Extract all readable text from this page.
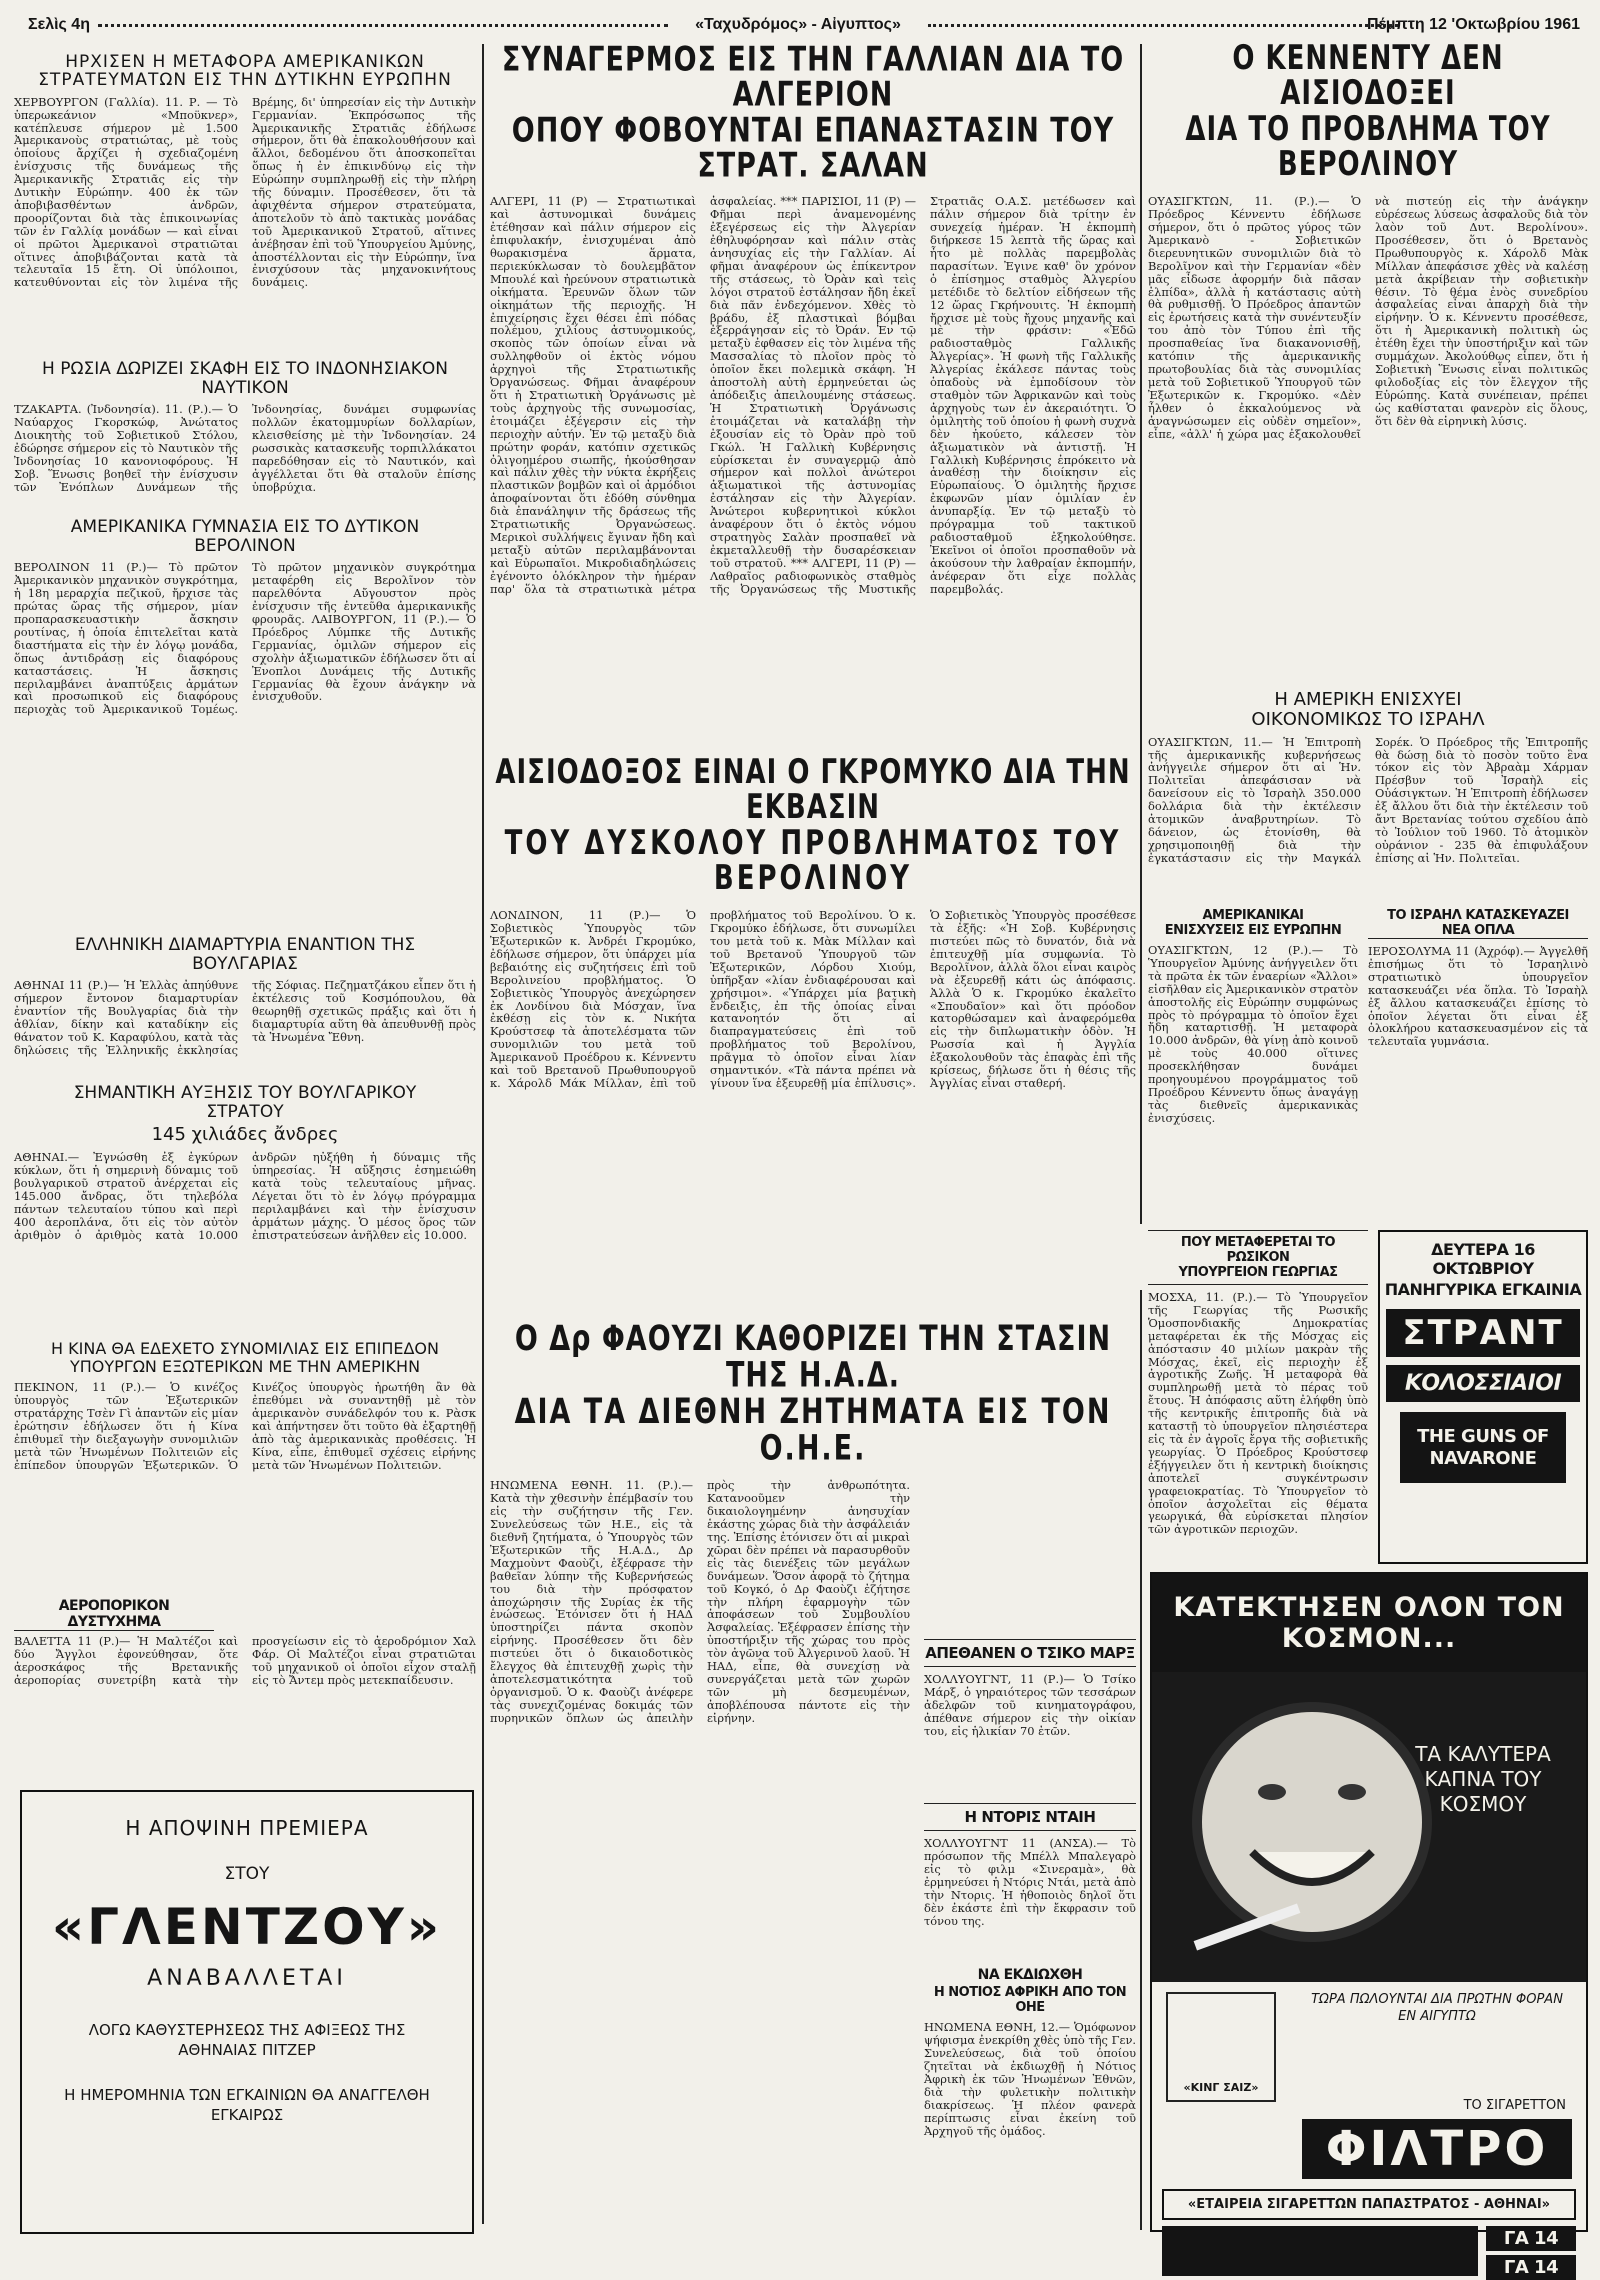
Σελὶς 4η	«Ταχυδρόμος» - Αἰγυπτος»	Πέμπτη 12 'Οκτωβρίου 1961
ΗΡΧΙΣΕΝ Η ΜΕΤΑΦΟΡΑ ΑΜΕΡΙΚΑΝΙΚΩΝ ΣΤΡΑΤΕΥΜΑΤΩΝ ΕΙΣ ΤΗΝ ΔΥΤΙΚΗΝ ΕΥΡΩΠΗΝ
ΧΕΡΒΟΥΡΓΟΝ (Γαλλία). 11. Ρ. — Τὸ ὑπερωκεάνιον «Μποϋκνερ», κατέπλευσε σήμερον μὲ 1.500 Ἀμερικανοὺς στρατιώτας, μὲ τοὺς ὁποίους ἄρχίζει ἡ σχεδιαζομένη ἐνίσχυσις τῆς δυνάμεως τῆς Ἀμερικανικῆς Στρατιᾶς εἰς τὴν Δυτικὴν Εὐρώπην. 400 ἐκ τῶν ἀποβιβασθέντων ἀνδρῶν, προορίζονται διὰ τὰς ἐπικοινωνίας τῶν ἐν Γαλλίᾳ μονάδων — καὶ εἶναι οἱ πρῶτοι Ἀμερικανοὶ στρατιῶται οἵτινες ἀποβιβάζονται κατὰ τὰ τελευταῖα 15 ἔτη. Οἱ ὑπόλοιποι, κατευθύνονται εἰς τὸν λιμένα τῆς Βρέμης, δι' ὑπηρεσίαν εἰς τὴν Δυτικὴν Γερμανίαν. Ἐκπρόσωπος τῆς Ἀμερικανικῆς Στρατιᾶς ἐδήλωσε σήμερον, ὅτι θὰ ἐπακολουθήσουν καὶ ἄλλοι, δεδομένου ὅτι ἀποσκοπεῖται ὅπως ἡ ἐν ἐπικινδύνῳ εἰς τὴν Εὐρώπην συμπληρωθῇ εἰς τὴν πλήρη τῆς δύναμιν. Προσέθεσεν, ὅτι τὰ ἀφιχθέντα σήμερον στρατεύματα, ἀποτελοῦν τὸ ἀπὸ τακτικὰς μονάδας τοῦ Ἀμερικανικοῦ Στρατοῦ, αἵτινες ἀνέβησαν ἐπὶ τοῦ Ὑπουργείου Ἀμύνης, ἀποστέλλονται εἰς τὴν Εὐρώπην, ἵνα ἐνισχύσουν τὰς μηχανοκινήτους δυνάμεις.
Η ΡΩΣΙΑ ΔΩΡΙΖΕΙ ΣΚΑΦΗ ΕΙΣ ΤΟ ΙΝΔΟΝΗΣΙΑΚΟΝ ΝΑΥΤΙΚΟΝ
ΤΖΑΚΑΡΤΑ. (Ἰνδονησία). 11. (Ρ.).— Ὁ Ναύαρχος Γκορσκώφ, Ἀνώτατος Διοικητὴς τοῦ Σοβιετικοῦ Στόλου, ἐδώρησε σήμερον εἰς τὸ Ναυτικὸν τῆς Ἰνδονησίας 10 κανονιοφόρους. Ἡ Σοβ. Ἕνωσις βοηθεῖ τὴν ἐνίσχυσιν τῶν Ἐνόπλων Δυνάμεων τῆς Ἰνδονησίας, δυνάμει συμφωνίας πολλῶν ἑκατομμυρίων δολλαρίων, κλεισθείσης μὲ τὴν Ἰνδονησίαν. 24 ρωσσικὰς κατασκευῆς τορπιλλάκατοι παρεδόθησαν εἰς τὸ Ναυτικόν, καὶ ἀγγέλλεται ὅτι θὰ σταλοῦν ἐπίσης ὑποβρύχια.
ΑΜΕΡΙΚΑΝΙΚΑ ΓΥΜΝΑΣΙΑ ΕΙΣ ΤΟ ΔΥΤΙΚΟΝ ΒΕΡΟΛΙΝΟΝ
ΒΕΡΟΛΙΝΟΝ 11 (Ρ.)— Τὸ πρῶτον Ἀμερικανικὸν μηχανικὸν συγκρότημα, ἡ 18η μεραρχία πεζικοῦ, ἤρχισε τὰς πρώτας ὥρας τῆς σήμερον, μίαν προπαρασκευαστικὴν ἄσκησιν ρουτίνας, ἡ ὁποία ἐπιτελεῖται κατὰ διαστήματα εἰς τὴν ἐν λόγῳ μονάδα, ὅπως ἀντιδράσῃ εἰς διαφόρους καταστάσεις. Ἡ ἄσκησις περιλαμβάνει ἀναπτύξεις ἀρμάτων καὶ προσωπικοῦ εἰς διαφόρους περιοχὰς τοῦ Ἀμερικανικοῦ Τομέως. Τὸ πρῶτον μηχανικὸν συγκρότημα μεταφέρθη εἰς Βερολῖνον τὸν παρελθόντα Αὔγουστον πρὸς ἐνίσχυσιν τῆς ἐντεῦθα ἀμερικανικῆς φρουρᾶς. ΛΑΙΒΟΥΡΓΟΝ, 11 (Ρ.).— Ὁ Πρόεδρος Λύμπκε τῆς Δυτικῆς Γερμανίας, ὁμιλῶν σήμερον εἰς σχολὴν ἀξιωματικῶν ἐδήλωσεν ὅτι αἱ Ἐνοπλοι Δυνάμεις τῆς Δυτικῆς Γερμανίας θὰ ἔχουν ἀνάγκην νὰ ἐνισχυθοῦν.
ΕΛΛΗΝΙΚΗ ΔΙΑΜΑΡΤΥΡΙΑ ΕΝΑΝΤΙΟΝ ΤΗΣ ΒΟΥΛΓΑΡΙΑΣ
ΑΘΗΝΑΙ 11 (Ρ.)— Ἡ Ἑλλὰς ἀπηύθυνε σήμερον ἔντονον διαμαρτυρίαν ἐναντίον τῆς Βουλγαρίας διὰ τὴν ἀθλίαν, δίκην καὶ καταδίκην εἰς θάνατον τοῦ Κ. Καραφύλου, κατὰ τὰς δηλώσεις τῆς Ἑλληνικῆς ἐκκλησίας τῆς Σόφιας. Πεζηματζάκου εἶπεν ὅτι ἡ ἐκτέλεσις τοῦ Κοσμόπουλου, θὰ θεωρηθῇ σχετικῶς πράξις καὶ ὅτι ἡ διαμαρτυρία αὕτη θὰ ἀπευθυνθῇ πρὸς τὰ Ἡνωμένα Ἔθνη.
ΣΗΜΑΝΤΙΚΗ ΑΥΞΗΣΙΣ ΤΟΥ ΒΟΥΛΓΑΡΙΚΟΥ ΣΤΡΑΤΟΥ
145 χιλιάδες ἄνδρες
ΑΘΗΝΑΙ.— Ἐγνώσθη ἐξ ἐγκύρων κύκλων, ὅτι ἡ σημερινὴ δύναμις τοῦ βουλγαρικοῦ στρατοῦ ἀνέρχεται εἰς 145.000 ἄνδρας, ὅτι τηλεβόλα πάντων τελευταίου τύπου καὶ περὶ 400 ἀεροπλάνα, ὅτι εἰς τὸν αὐτὸν ἀριθμὸν ὁ ἀριθμὸς κατὰ 10.000 ἀνδρῶν ηὐξήθη ἡ δύναμις τῆς ὑπηρεσίας. Ἡ αὔξησις ἐσημειώθη κατὰ τοὺς τελευταίους μῆνας. Λέγεται ὅτι τὸ ἐν λόγῳ πρόγραμμα περιλαμβάνει καὶ τὴν ἐνίσχυσιν ἀρμάτων μάχης. Ὁ μέσος ὅρος τῶν ἐπιστρατεύσεων ἀνῆλθεν εἰς 10.000.
Η ΚΙΝΑ ΘΑ ΕΔΕΧΕΤΟ ΣΥΝΟΜΙΛΙΑΣ ΕΙΣ ΕΠΙΠΕΔΟΝ ΥΠΟΥΡΓΩΝ ΕΞΩΤΕΡΙΚΩΝ ΜΕ ΤΗΝ ΑΜΕΡΙΚΗΝ
ΠΕΚΙΝΟΝ, 11 (Ρ.).— Ὁ κινέζος ὑπουργὸς τῶν Ἐξωτερικῶν στρατάρχης Τσὲν Γὶ ἀπαντῶν εἰς μίαν ἐρώτησιν ἐδήλωσεν ὅτι ἡ Κίνα ἐπιθυμεῖ τὴν διεξαγωγὴν συνομιλιῶν μετὰ τῶν Ἡνωμένων Πολιτειῶν εἰς ἐπίπεδον ὑπουργῶν Ἐξωτερικῶν. Ὁ Κινέζος ὑπουργὸς ἠρωτήθη ἂν θὰ ἐπεθύμει νὰ συναντηθῇ μὲ τὸν ἀμερικανὸν συνάδελφόν του κ. Ρὰσκ καὶ ἀπήντησεν ὅτι τοῦτο θὰ ἐξαρτηθῇ ἀπὸ τὰς ἀμερικανικὰς προθέσεις. Ἡ Κίνα, εἶπε, ἐπιθυμεῖ σχέσεις εἰρήνης μετὰ τῶν Ἡνωμένων Πολιτειῶν.
ΑΕΡΟΠΟΡΙΚΟΝ ΔΥΣΤΥΧΗΜΑ
ΒΑΛΕΤΤΑ 11 (Ρ.)— Ἡ Μαλτέζοι καὶ δύο Ἄγγλοι ἐφονεύθησαν, ὅτε ἀεροσκάφος τῆς Βρετανικῆς ἀεροπορίας συνετρίβη κατὰ τὴν προσγείωσιν εἰς τὸ ἀεροδρόμιον Χαλ Φάρ. Οἱ Μαλτέζοι εἶναι στρατιῶται τοῦ μηχανικοῦ οἱ ὁποῖοι εἶχον σταλῇ εἰς τὸ Ἄντεμ πρὸς μετεκπαίδευσιν.
Η ΑΠΟΨΙΝΗ ΠΡΕΜΙΕΡΑ
ΣΤΟΥ
«ΓΛΕΝΤΖΟΥ»
ΑΝΑΒΑΛΛΕΤΑΙ
ΛΟΓΩ ΚΑΘΥΣΤΕΡΗΣΕΩΣ ΤΗΣ ΑΦΙΞΕΩΣ ΤΗΣ ΑΘΗΝΑΙΑΣ ΠΙΤΖΕΡ
Η ΗΜΕΡΟΜΗΝΙΑ ΤΩΝ ΕΓΚΑΙΝΙΩΝ ΘΑ ΑΝΑΓΓΕΛΘΗ ΕΓΚΑΙΡΩΣ
ΣΥΝΑΓΕΡΜΟΣ ΕΙΣ ΤΗΝ ΓΑΛΛΙΑΝ ΔΙΑ ΤΟ ΑΛΓΕΡΙΟΝ
ΟΠΟΥ ΦΟΒΟΥΝΤΑΙ ΕΠΑΝΑΣΤΑΣΙΝ ΤΟΥ ΣΤΡΑΤ. ΣΑΛΑΝ
ΑΛΓΕΡΙ, 11 (Ρ) — Στρατιωτικαὶ καὶ ἀστυνομικαὶ δυνάμεις ἐτέθησαν καὶ πάλιν σήμερον εἰς ἐπιφυλακήν, ἐνισχυμέναι ἀπὸ θωρακισμένα ἅρματα, περιεκύκλωσαν τὸ δουλεμβᾶτον Μπουλέ καὶ ἠρεύνουν στρατιωτικὰ οἰκήματα. Ἐρευνῶν ὅλων τῶν οἰκημάτων τῆς περιοχῆς. Ἡ ἐπιχείρησις ἔχει θέσει ἐπὶ πόδας πολέμου, χιλίους ἀστυνομικούς, σκοπὸς τῶν ὁποίων εἶναι νὰ συλληφθοῦν οἱ ἐκτὸς νόμου ἀρχηγοὶ τῆς Στρατιωτικῆς Ὀργανώσεως. Φῆμαι ἀναφέρουν ὅτι ἡ Στρατιωτικὴ Ὀργάνωσις μὲ τοὺς ἀρχηγοὺς τῆς συνωμοσίας, ἑτοιμάζει ἐξέγερσιν εἰς τὴν περιοχὴν αὐτήν. Ἐν τῷ μεταξὺ διὰ πρώτην φοράν, κατόπιν σχετικῶς ὀλιγοημέρου σιωπῆς, ἠκούσθησαν καὶ πάλιν χθὲς τὴν νύκτα ἐκρήξεις πλαστικῶν βομβῶν καὶ οἱ ἀρμόδιοι ἀποφαίνονται ὅτι ἐδόθη σύνθημα διὰ ἐπανάληψιν τῆς δράσεως τῆς Στρατιωτικῆς Ὀργανώσεως. Μερικοὶ συλλήψεις ἔγιναν ἤδη καὶ μεταξὺ αὐτῶν περιλαμβάνονται καὶ Εὐρωπαῖοι. Μικροδιαδηλώσεις ἐγένοντο ὁλόκληρον τὴν ἡμέραν παρ' ὅλα τὰ στρατιωτικὰ μέτρα ἀσφαλείας. *** ΠΑΡΙΣΙΟΙ, 11 (Ρ) — Φῆμαι περὶ ἀναμενομένης ἐξεγέρσεως εἰς τὴν Ἀλγερίαν ἐθηλυφόρησαν καὶ πάλιν στὰς ἀνησυχίας εἰς τὴν Γαλλίαν. Αἱ φῆμαι ἀναφέρουν ὡς ἐπίκεντρον τῆς στάσεως, τὸ Ὀρὰν καὶ τεὶς λόγοι στρατοῦ ἐστάλησαν ἤδη ἐκεῖ διὰ πᾶν ἐνδεχόμενον. Χθὲς τὸ βράδυ, ἐξ πλαστικαὶ βόμβαι ἐξερράγησαν εἰς τὸ Ὀράν. Ἐν τῷ μεταξὺ ἐφθασεν εἰς τὸν λιμένα τῆς Μασσαλίας τὸ πλοῖον πρὸς τὸ ὁποῖον ἔκει πολεμικὰ σκάφη. Ἡ ἀποστολὴ αὐτὴ ἑρμηνεύεται ὡς ἀπόδειξις ἀπειλουμένης στάσεως. Ἡ Στρατιωτικὴ Ὀργάνωσις ἑτοιμάζεται νὰ καταλάβῃ τὴν ἐξουσίαν εἰς τὸ Ὀρὰν πρὸ τοῦ Γκώλ. Ἡ Γαλλικὴ Κυβέρνησις εὑρίσκεται ἐν συναγερμῷ ἀπὸ σήμερον καὶ πολλοὶ ἀνώτεροι ἀξιωματικοὶ τῆς ἀστυνομίας ἐστάλησαν εἰς τὴν Ἀλγερίαν. Ἀνώτεροι κυβερνητικοὶ κύκλοι ἀναφέρουν ὅτι ὁ ἐκτὸς νόμου στρατηγὸς Σαλὰν προσπαθεῖ νὰ ἐκμεταλλευθῇ τὴν δυσαρέσκειαν τοῦ στρατοῦ. *** ΑΛΓΕΡΙ, 11 (Ρ) — Λαθραῖος ραδιοφωνικὸς σταθμὸς τῆς Ὀργανώσεως τῆς Μυστικῆς Στρατιᾶς Ο.Α.Σ. μετέδωσεν καὶ πάλιν σήμερον διὰ τρίτην ἐν συνεχείᾳ ἡμέραν. Ἡ ἐκπομπὴ διήρκεσε 15 λεπτὰ τῆς ὥρας καὶ ἦτο μὲ πολλὰς παρεμβολὰς παρασίτων. Ἐγινε καθ' ὃν χρόνον ὁ ἐπίσημος σταθμὸς Ἀλγερίου μετέδιδε τὸ δελτίον εἰδήσεων τῆς 12 ὥρας Γκρήνουιτς. Ἡ ἐκπομπὴ ἤρχισε μὲ τοὺς ἤχους μηχανῆς καὶ μὲ τὴν φράσιν: «Ἐδῶ ραδιοσταθμὸς Γαλλικῆς Ἀλγερίας». Ἡ φωνὴ τῆς Γαλλικῆς Ἀλγερίας ἐκάλεσε πάντας τοὺς ὁπαδοὺς νὰ ἐμποδίσουν τὸν σταθμὸν τῶν Ἀφρικανῶν καὶ τοὺς ἀρχηγοὺς των ἐν ἀκεραιότητι. Ὁ ὁμιλητὴς τοῦ ὁποίου ἡ φωνὴ συχνὰ δὲν ἠκούετο, κάλεσεν τὸν ἀξιωματικὸν νὰ ἀντιστῇ. Ἡ Γαλλικὴ Κυβέρνησις ἐπρόκειτο νὰ ἀναθέσῃ τὴν διοίκησιν εἰς Εὐρωπαίους. Ὁ ὁμιλητὴς ἤρχισε ἐκφωνῶν μίαν ὁμιλίαν ἐν ἀνυπαρξίᾳ. Ἐν τῷ μεταξὺ τὸ πρόγραμμα τοῦ τακτικοῦ ραδιοσταθμοῦ ἐξηκολούθησε. Ἐκεῖνοι οἱ ὁποῖοι προσπαθοῦν νὰ ἀκούσουν τὴν λαθραίαν ἐκπομπήν, ἀνέφεραν ὅτι εἶχε πολλὰς παρεμβολάς.
ΑΙΣΙΟΔΟΞΟΣ ΕΙΝΑΙ Ο ΓΚΡΟΜΥΚΟ ΔΙΑ ΤΗΝ ΕΚΒΑΣΙΝ
ΤΟΥ ΔΥΣΚΟΛΟΥ ΠΡΟΒΛΗΜΑΤΟΣ ΤΟΥ ΒΕΡΟΛΙΝΟΥ
ΛΟΝΔΙΝΟΝ, 11 (Ρ.)— Ὁ Σοβιετικὸς Ὑπουργὸς τῶν Ἐξωτερικῶν κ. Ἀνδρέι Γκρομύκο, ἐδήλωσε σήμερον, ὅτι ὑπάρχει μία βεβαιότης εἰς συζητήσεις ἐπὶ τοῦ Βερολινείου προβλήματος. Ὁ Σοβιετικὸς Ὑπουργὸς ἀνεχώρησεν ἐκ Λονδίνου διὰ Μόσχαν, ἵνα ἐκθέσῃ εἰς τὸν κ. Νικήτα Κρούστσεφ τὰ ἀποτελέσματα τῶν συνομιλιῶν του μετὰ τοῦ Ἀμερικανοῦ Προέδρου κ. Κέννεντυ καὶ τοῦ Βρετανοῦ Πρωθυπουργοῦ κ. Χάρολδ Μάκ Μίλλαν, ἐπὶ τοῦ προβλήματος τοῦ Βερολίνου. Ὁ κ. Γκρομύκο ἐδήλωσε, ὅτι συνωμίλει του μετὰ τοῦ κ. Μὰκ Μίλλαν καὶ τοῦ Βρετανοῦ Ὑπουργοῦ τῶν Ἐξωτερικῶν, Λόρδου Χιούμ, ὑπῆρξαν «λίαν ἐνδιαφέρουσαι καὶ χρήσιμοι». «Ὑπάρχει μία βατικὴ ἔνδειξις, ἐπ τῆς ὁποίας εἶναι κατανοητόν ὅτι αἱ διαπραγματεύσεις ἐπὶ τοῦ προβλήματος τοῦ Βερολίνου, πρᾶγμα τὸ ὁποῖον εἶναι λίαν σημαντικόν. «Τὰ πάντα πρέπει νὰ γίνουν ἵνα ἐξευρεθῇ μία ἐπίλυσις». Ὁ Σοβιετικὸς Ὑπουργὸς προσέθεσε τὰ ἑξῆς: «Ἡ Σοβ. Κυβέρνησις πιστεύει πῶς τὸ δυνατόν, διὰ νὰ ἐπιτευχθῇ μία συμφωνία. Τὸ Βερολῖνον, ἀλλὰ ὅλοι εἶναι καιρὸς νὰ ἐξευρεθῇ κάτι ὡς ἀπόφασις. Ἀλλὰ Ὁ κ. Γκρομύκο ἐκαλεῖτο «Σπουδαῖον» καὶ ὅτι πρόοδον κατορθώσαμεν καὶ ἀναφερόμεθα εἰς τὴν διπλωματικὴν ὁδὸν. Ἡ Ρωσσία καὶ ἡ Ἀγγλία ἐξακολουθοῦν τὰς ἐπαφὰς ἐπὶ τῆς κρίσεως, δήλωσε ὅτι ἡ θέσις τῆς Ἀγγλίας εἶναι σταθερή.
Ο Δρ ΦΑΟΥΖΙ ΚΑΘΟΡΙΖΕΙ ΤΗΝ ΣΤΑΣΙΝ ΤΗΣ Η.Α.Δ.
ΔΙΑ ΤΑ ΔΙΕΘΝΗ ΖΗΤΗΜΑΤΑ ΕΙΣ ΤΟΝ Ο.Η.Ε.
ΗΝΩΜΕΝΑ ΕΘΝΗ. 11. (Ρ.).— Κατὰ τὴν χθεσινὴν ἐπέμβασίν του εἰς τὴν συζήτησιν τῆς Γεν. Συνελεύσεως τῶν Η.Ε., εἰς τὰ διεθνῆ ζητήματα, ὁ Ὑπουργὸς τῶν Ἐξωτερικῶν τῆς Η.Α.Δ., Δρ Μαχμοὺντ Φαοὺζι, ἐξέφρασε τὴν βαθεῖαν λύπην τῆς Κυβερνήσεώς του διὰ τὴν πρόσφατον ἀποχώρησιν τῆς Συρίας ἐκ τῆς ἑνώσεως. Ἐτόνισεν ὅτι ἡ ΗΑΔ ὑποστηρίζει πάντα σκοπὸν εἰρήνης. Προσέθεσεν ὅτι δὲν πιστεύει ὅτι ὁ δικαιοδοτικὸς ἔλεγχος θὰ ἐπιτευχθῇ χωρὶς τὴν ἀποτελεσματικότητα τοῦ ὀργανισμοῦ. Ὁ κ. Φαοὺζι ἀνέφερε τὰς συνεχιζομένας δοκιμάς τῶν πυρηνικῶν ὅπλων ὡς ἀπειλὴν πρὸς τὴν ἀνθρωπότητα. Κατανοοῦμεν τὴν δικαιολογημένην ἀνησυχίαν ἑκάστης χώρας διὰ τὴν ἀσφάλειάν της. Ἐπίσης ἐτόνισεν ὅτι αἱ μικραὶ χῶραι δὲν πρέπει νὰ παρασυρθοῦν εἰς τὰς διενέξεις τῶν μεγάλων δυνάμεων. Ὅσον ἀφορᾷ τὸ ζήτημα τοῦ Κογκό, ὁ Δρ Φαοὺζι ἐζήτησε τὴν πλήρη ἐφαρμογὴν τῶν ἀποφάσεων τοῦ Συμβουλίου Ἀσφαλείας. Ἐξέφρασεν ἐπίσης τὴν ὑποστήριξιν τῆς χώρας του πρὸς τὸν ἀγῶνα τοῦ Ἀλγερινοῦ λαοῦ. Ἡ ΗΑΔ, εἶπε, θὰ συνεχίσῃ νὰ συνεργάζεται μετὰ τῶν χωρῶν τῶν μὴ δεσμευμένων, ἀποβλέπουσα πάντοτε εἰς τὴν εἰρήνην.
ΑΠΕΘΑΝΕΝ Ο ΤΣΙΚΟ ΜΑΡΞ
ΧΟΛΛΥΟΥΓΝΤ, 11 (Ρ.)— Ὁ Τσίκο Μάρξ, ὁ γηραιότερος τῶν τεσσάρων ἀδελφῶν τοῦ κινηματογράφου, ἀπέθανε σήμερον εἰς τὴν οἰκίαν του, εἰς ἡλικίαν 70 ἐτῶν.
Η ΝΤΟΡΙΣ ΝΤΑΙΗ
ΧΟΛΛΥΟΥΓΝΤ 11 (ΑΝΣΑ).— Τὸ πρόσωπον τῆς Μπέλλ Μπαλεγαρὸ εἰς τὸ φιλμ «Σινεραμὰ», θὰ ἐρμηνεύσει ἡ Ντόρις Ντάι, μετὰ ἀπὸ τὴν Ντορις. Ἡ ἡθοποιὸς δηλοῖ ὅτι δὲν ἐκάστε ἐπὶ τὴν ἔκφρασιν τοῦ τόνου της.
ΝΑ ΕΚΔΙΩΧΘΗ
Η ΝΟΤΙΟΣ ΑΦΡΙΚΗ ΑΠΟ ΤΟΝ ΟΗΕ
ΗΝΩΜΕΝΑ ΕΘΝΗ, 12.— Ὁμόφωνον ψήφισμα ἐνεκρίθη χθὲς ὑπὸ τῆς Γεν. Συνελεύσεως, διὰ τοῦ ὁποίου ζητεῖται νὰ ἐκδιωχθῇ ἡ Νότιος Ἀφρικὴ ἐκ τῶν Ἡνωμένων Ἐθνῶν, διὰ τὴν φυλετικὴν πολιτικὴν διακρίσεως. Ἡ πλέον φανερὰ περίπτωσις εἶναι ἐκείνη τοῦ Ἀρχηγοῦ τῆς ὁμάδος.
Ο ΚΕΝΝΕΝΤΥ ΔΕΝ ΑΙΣΙΟΔΟΞΕΙ
ΔΙΑ ΤΟ ΠΡΟΒΛΗΜΑ ΤΟΥ ΒΕΡΟΛΙΝΟΥ
ΟΥΑΣΙΓΚΤΩΝ, 11. (Ρ.).— Ὁ Πρόεδρος Κέννεντυ ἐδήλωσε σήμερον, ὅτι ὁ πρῶτος γύρος τῶν Ἀμερικανὸ - Σοβιετικῶν διερευνητικῶν συνομιλιῶν διὰ τὸ Βερολῖνον καὶ τὴν Γερμανίαν «δὲν μᾶς εἶδωσε ἀφορμήν διὰ πᾶσαν ἐλπίδα», ἀλλὰ ἡ κατάστασις αὐτὴ θὰ ρυθμισθῇ. Ὁ Πρόεδρος ἀπαντῶν εἰς ἐρωτήσεις κατὰ τὴν συνέντευξίν του ἀπὸ τὸν Τύπου ἐπὶ τῆς προσπαθείας ἵνα διακανονισθῇ, κατόπιν τῆς ἀμερικανικῆς πρωτοβουλίας διὰ τὰς συνομιλίας μετὰ τοῦ Σοβιετικοῦ Ὑπουργοῦ τῶν Ἐξωτερικῶν κ. Γκρομύκο. «Δὲν ἦλθεν ὁ ἐκκαλούμενος νὰ ἀναγνώσωμεν εἰς οὐδὲν σημεῖον», εἶπε, «ἀλλ' ἡ χώρα μας ἐξακολουθεῖ νὰ πιστεύῃ εἰς τὴν ἀνάγκην εὑρέσεως λύσεως ἀσφαλοῦς διὰ τὸν λαὸν τοῦ Δυτ. Βερολίνου». Προσέθεσεν, ὅτι ὁ Βρετανὸς Πρωθυπουργὸς κ. Χάρολδ Μὰκ Μίλλαν ἀπεφάσισε χθὲς νὰ καλέσῃ μετὰ ἀκρίβειαν τὴν σοβιετικὴν θέσιν. Τὸ θέμα ἐνὸς συνεδρίου ἀσφαλείας εἶναι ἀπαρχὴ διὰ τὴν εἰρήνην. Ὁ κ. Κέννεντυ προσέθεσε, ὅτι ἡ Ἀμερικανικὴ πολιτικὴ ὡς ἐτέθη ἔχει τὴν ὑποστήριξιν καὶ τῶν συμμάχων. Ἀκολούθως εἶπεν, ὅτι ἡ Σοβιετικὴ Ἕνωσις εἶναι πολιτικῶς φιλοδοξίας εἰς τὸν ἔλεγχον τῆς Εὐρώπης. Κατὰ συνέπειαν, πρέπει ὡς καθίσταται φανερὸν εἰς ὅλους, ὅτι δὲν θὰ εἰρηνικὴ λύσις.
Η ΑΜΕΡΙΚΗ ΕΝΙΣΧΥΕΙ
ΟΙΚΟΝΟΜΙΚΩΣ ΤΟ ΙΣΡΑΗΛ
ΟΥΑΣΙΓΚΤΩΝ, 11.— Ἡ Ἐπιτροπὴ τῆς ἀμερικανικῆς κυβερνήσεως ἀνήγγειλε σήμερον ὅτι αἱ Ἡν. Πολιτεῖαι ἀπεφάσισαν νὰ δανείσουν εἰς τὸ Ἰσραὴλ 350.000 δολλάρια διὰ τὴν ἐκτέλεσιν ἀτομικῶν ἀναβρυτηρίων. Τὸ δάνειον, ὡς ἐτονίσθη, θὰ χρησιμοποιηθῇ διὰ τὴν ἐγκατάστασιν εἰς τὴν Μαγκάλ Σορέκ. Ὁ Πρόεδρος τῆς Ἐπιτροπῆς θὰ δώσῃ διὰ τὸ ποσὸν τοῦτο ἓνα τόκον εἰς τὸν Ἀβραὰμ Χάρμαν Πρέσβυν τοῦ Ἰσραὴλ εἰς Οὐάσιγκτων. Ἡ Ἐπιτροπὴ ἐδήλωσεν ἐξ ἄλλου ὅτι διὰ τὴν ἐκτέλεσιν τοῦ ἄντ Βρετανίας τούτου σχεδίου ἀπὸ τὸ Ἰούλιον τοῦ 1960. Τὸ ἀτομικὸν οὐράνιον - 235 θὰ ἐπιφυλάξουν ἐπίσης αἱ Ἡν. Πολιτεῖαι.
ΑΜΕΡΙΚΑΝΙΚΑΙ
ΕΝΙΣΧΥΣΕΙΣ ΕΙΣ ΕΥΡΩΠΗΝ
ΟΥΑΣΙΓΚΤΩΝ, 12 (Ρ.).— Τὸ Ὑπουργεῖον Ἀμύνης ἀνήγγειλεν ὅτι τὰ πρῶτα ἐκ τῶν ἐναερίων «Ἄλλοι» εἰσῆλθαν εἰς Ἀμερικανικὸν στρατὸν ἀποστολῆς εἰς Εὐρώπην συμφώνως πρὸς τὸ πρόγραμμα τὸ ὁποῖον ἔχει ἤδη καταρτισθῇ. Ἡ μεταφορὰ 10.000 ἀνδρῶν, θὰ γίνῃ ἀπὸ κοινοῦ μὲ τοὺς 40.000 οἵτινες προσεκλήθησαν δυνάμει προηγουμένου προγράμματος τοῦ Προέδρου Κέννεντυ ὅπως ἀναγάγῃ τὰς διεθνεῖς ἀμερικανικὰς ἐνισχύσεις.
ΤΟ ΙΣΡΑΗΛ ΚΑΤΑΣΚΕΥΑΖΕΙ
ΝΕΑ ΟΠΛΑ
ΙΕΡΟΣΟΛΥΜΑ 11 (Ἀχρόφ).— Ἀγγελθῆ ἐπισήμως ὅτι τὸ Ἰσραηλινὸ στρατιωτικὸ ὑπουργεῖον κατασκευάζει νέα ὅπλα. Τὸ Ἰσραὴλ ἐξ ἄλλου κατασκευάζει ἐπίσης τὸ ὁποῖον λέγεται ὅτι εἶναι ἐξ ὁλοκλήρου κατασκευασμένον εἰς τὰ τελευταῖα γυμνάσια.
ΠΟΥ ΜΕΤΑΦΕΡΕΤΑΙ ΤΟ ΡΩΣΙΚΟΝ
ΥΠΟΥΡΓΕΙΟΝ ΓΕΩΡΓΙΑΣ
ΜΟΣΧΑ, 11. (Ρ.).— Τὸ Ὑπουργεῖον τῆς Γεωργίας τῆς Ρωσικῆς Ὁμοσπονδιακῆς Δημοκρατίας μεταφέρεται ἐκ τῆς Μόσχας εἰς ἀπόστασιν 40 μιλίων μακρὰν τῆς Μόσχας, ἐκεῖ, εἰς περιοχὴν ἐξ ἀγροτικῆς Ζωῆς. Ἡ μεταφορὰ θὰ συμπληρωθῇ μετὰ τὸ πέρας τοῦ ἔτους. Ἡ ἀπόφασις αὕτη ἐλήφθη ὑπὸ τῆς κεντρικῆς ἐπιτροπῆς διὰ νὰ καταστῇ τὸ ὑπουργεῖον πλησιέστερα εἰς τὰ ἐν ἀγροῖς ἔργα τῆς σοβιετικῆς γεωργίας. Ὁ Πρόεδρος Κρούστσεφ ἐξήγγειλεν ὅτι ἡ κεντρικὴ διοίκησις ἀποτελεῖ συγκέντρωσιν γραφειοκρατίας. Τὸ Ὑπουργεῖον τὸ ὁποῖον ἀσχολεῖται εἰς θέματα γεωργικά, θὰ εὑρίσκεται πλησίον τῶν ἀγροτικῶν περιοχῶν.
ΔΕΥΤΕΡΑ 16 ΟΚΤΩΒΡΙΟΥ
ΠΑΝΗΓΥΡΙΚΑ ΕΓΚΑΙΝΙΑ
ΣΤΡΑΝΤ
ΚΟΛΟΣΣΙΑΙΟΙ
THE GUNS OF NAVARONE
ΚΑΤΕΚΤΗΣΕΝ ΟΛΟΝ ΤΟΝ ΚΟΣΜΟΝ...
ΤΑ ΚΑΛΥΤΕΡΑ ΚΑΠΝΑ ΤΟΥ ΚΟΣΜΟΥ
«ΚΙΝΓ ΣΑΙΖ»
ΤΩΡΑ ΠΩΛΟΥΝΤΑΙ ΔΙΑ ΠΡΩΤΗΝ ΦΟΡΑΝ ΕΝ ΑΙΓΥΠΤΩ
ΤΟ ΣΙΓΑΡΕΤΤΟΝ
ΦΙΛΤΡΟ
«ΕΤΑΙΡΕΙΑ ΣΙΓΑΡΕΤΤΩΝ ΠΑΠΑΣΤΡΑΤΟΣ - ΑΘΗΝΑΙ»
ΓΑ 14
ΓΑ 14
